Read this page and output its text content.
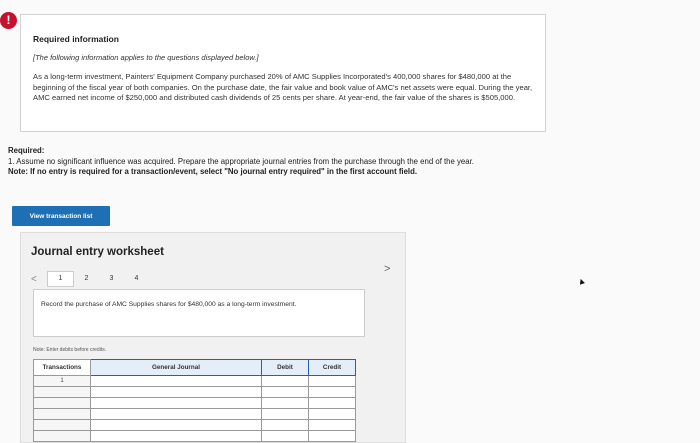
!
Required information
[The following information applies to the questions displayed below.]
As a long-term investment, Painters' Equipment Company purchased 20% of AMC Supplies Incorporated's 400,000 shares for $480,000 at the beginning of the fiscal year of both companies. On the purchase date, the fair value and book value of AMC's net assets were equal. During the year, AMC earned net income of $250,000 and distributed cash dividends of 25 cents per share. At year-end, the fair value of the shares is $505,000.
Required:
1. Assume no significant influence was acquired. Prepare the appropriate journal entries from the purchase through the end of the year.
Note: If no entry is required for a transaction/event, select "No journal entry required" in the first account field.
View transaction list
Journal entry worksheet
<	1	2	3	4
Record the purchase of AMC Supplies shares for $480,000 as a long-term investment.
Note: Enter debits before credits.
Transactions	General Journal	Debit	Credit
1			

>
▲
